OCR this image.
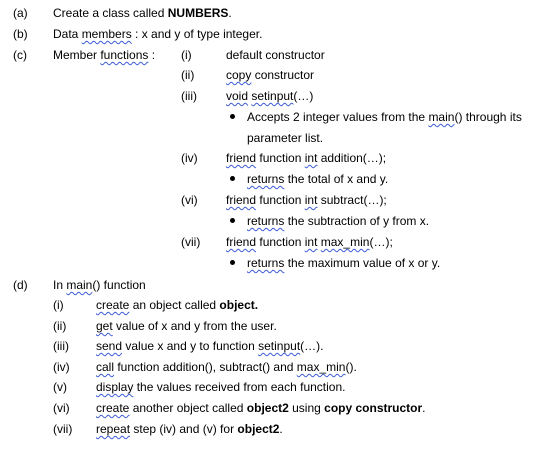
(a) Create a class called NUMBERS.
(b) Data members : x and y of type integer.
(c) Member functions : (i)	default constructor
(ii)	copy constructor
(iii) void setinput(…)
Accepts 2 integer values from the main() through its
parameter list.
(iv) friend function int addition(…);
returns the total of x and y.
(vi) friend function int subtract(…);
returns the subtraction of y from x.
(vii) friend function int max_min(…);
returns the maximum value of x or y.
(d) In main() function
(i)	create an object called object.
(ii) get value of x and y from the user.
(iii) send value x and y to function setinput(…).
(iv) call function addition(), subtract() and max_min().
(v) display the values received from each function.
(vi) create another object called object2 using copy constructor.
(vii) repeat step (iv) and (v) for object2.
